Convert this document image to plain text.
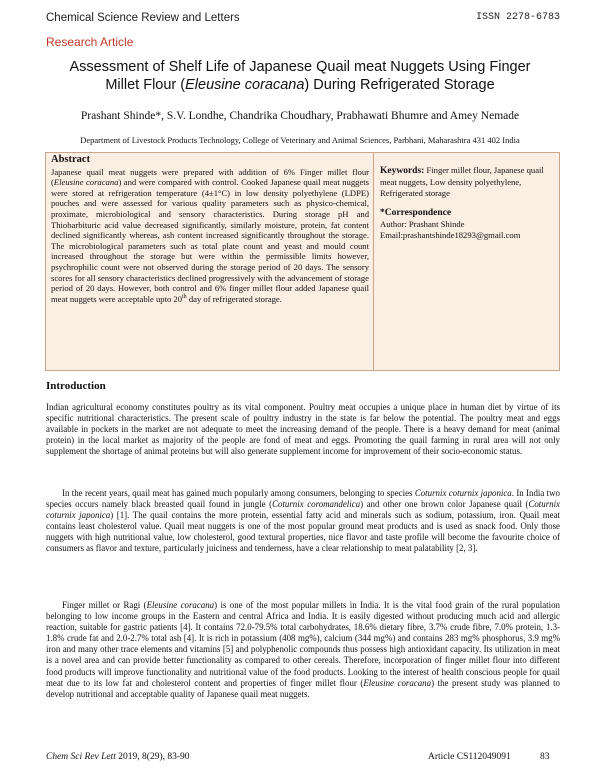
Chemical Science Review and Letters	ISSN 2278-6783
Research Article
Assessment of Shelf Life of Japanese Quail meat Nuggets Using Finger
Millet Flour (Eleusine coracana) During Refrigerated Storage
Prashant Shinde*, S.V. Londhe, Chandrika Choudhary, Prabhawati Bhumre and Amey Nemade
Department of Livestock Products Technology, College of Veterinary and Animal Sciences, Parbhani, Maharashtra 431 402 India
Abstract
Japanese quail meat nuggets were prepared with addition of 6% Finger millet flour (Eleusine coracana) and were compared with control. Cooked Japanese quail meat nuggets were stored at refrigeration temperature (4±1°C) in low density polyethylene (LDPE) pouches and were assessed for various quality parameters such as physico-chemical, proximate, microbiological and sensory characteristics. During storage pH and Thiobarbituric acid value decreased significantly, similarly moisture, protein, fat content declined significantly whereas, ash content increased significantly throughout the storage. The microbiological parameters such as total plate count and yeast and mould count increased throughout the storage but were within the permissible limits however, psychrophilic count were not observed during the storage period of 20 days. The sensory scores for all sensory characteristics declined progressively with the advancement of storage period of 20 days. However, both control and 6% finger millet flour added Japanese quail meat nuggets were acceptable upto 20th day of refrigerated storage.
Keywords: Finger millet flour, Japanese quail meat nuggets, Low density polyethylene, Refrigerated storage
*Correspondence
Author: Prashant Shinde
Email:prashantshinde18293@gmail.com
Introduction
Indian agricultural economy constitutes poultry as its vital component. Poultry meat occupies a unique place in human diet by virtue of its specific nutritional characteristics. The present scale of poultry industry in the state is far below the potential. The poultry meat and eggs available in pockets in the market are not adequate to meet the increasing demand of the people. There is a heavy demand for meat (animal protein) in the local market as majority of the people are fond of meat and eggs. Promoting the quail farming in rural area will not only supplement the shortage of animal proteins but will also generate supplement income for improvement of their socio-economic status.
In the recent years, quail meat has gained much popularly among consumers, belonging to species Coturnix coturnix japonica. In India two species occurs namely black breasted quail found in jungle (Coturnix coromandelica) and other one brown color Japanese quail (Coturnix coturnix japonica) [1]. The quail contains the more protein, essential fatty acid and minerals such as sodium, potassium, iron. Quail meat contains least cholesterol value. Quail meat nuggets is one of the most popular ground meat products and is used as snack food. Only those nuggets with high nutritional value, low cholesterol, good textural properties, nice flavor and taste profile will become the favourite choice of consumers as flavor and texture, particularly juiciness and tenderness, have a clear relationship to meat palatability [2, 3].
Finger millet or Ragi (Eleusine coracana) is one of the most popular millets in India. It is the vital food grain of the rural population belonging to low income groups in the Eastern and central Africa and India. It is easily digested without producing much acid and allergic reaction, suitable for gastric patients [4]. It contains 72.0-79.5% total carbohydrates, 18.6% dietary fibre, 3.7% crude fibre, 7.0% protein, 1.3-1.8% crude fat and 2.0-2.7% total ash [4]. It is rich in potassium (408 mg%), calcium (344 mg%) and contains 283 mg% phosphorus, 3.9 mg% iron and many other trace elements and vitamins [5] and polyphenolic compounds thus possess high antioxidant capacity. Its utilization in meat is a novel area and can provide better functionality as compared to other cereals. Therefore, incorporation of finger millet flour into different food products will improve functionality and nutritional value of the food products. Looking to the interest of health conscious people for quail meat due to its low fat and cholesterol content and properties of finger millet flour (Eleusine coracana) the present study was planned to develop nutritional and acceptable quality of Japanese quail meat nuggets.
Chem Sci Rev Lett 2019, 8(29), 83-90	Article CS112049091	83
